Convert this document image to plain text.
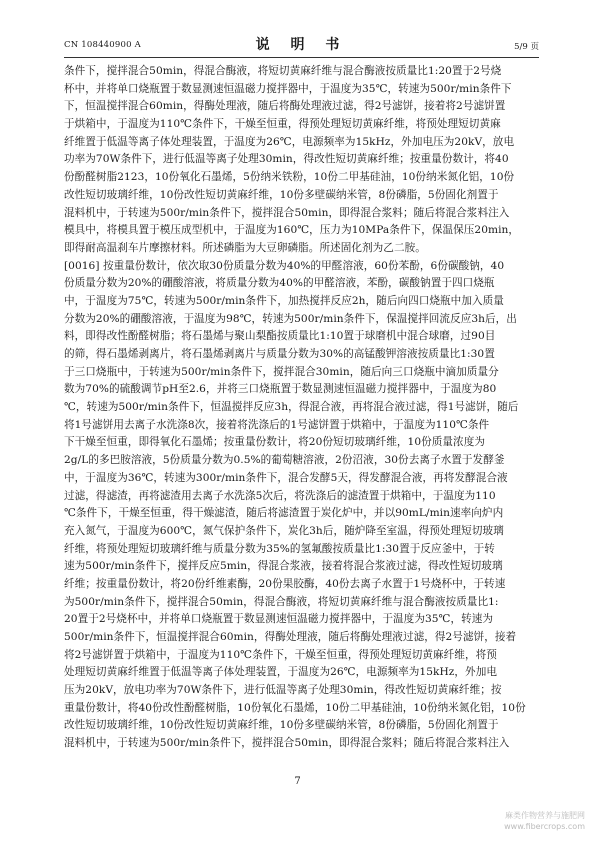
CN 108440900 A	说 明 书	5/9 页
条件下，搅拌混合50min，得混合酶液，将短切黄麻纤维与混合酶液按质量比1:20置于2号烧
杯中，并将单口烧瓶置于数显测速恒温磁力搅拌器中，于温度为35℃，转速为500r/min条件下
下，恒温搅拌混合60min，得酶处理液，随后将酶处理液过滤，得2号滤饼，接着将2号滤饼置
于烘箱中，于温度为110℃条件下，干燥至恒重，得预处理短切黄麻纤维，将预处理短切黄麻
纤维置于低温等离子体处理装置，于温度为26℃，电源频率为15kHz，外加电压为20kV，放电
功率为70W条件下，进行低温等离子处理30min，得改性短切黄麻纤维；按重量份数计，将40
份酚醛树脂2123，10份氧化石墨烯，5份纳米铁粉，10份二甲基硅油，10份纳米氮化铝，10份
改性短切玻璃纤维，10份改性短切黄麻纤维，10份多壁碳纳米管，8份磷脂，5份固化剂置于
混料机中，于转速为500r/min条件下，搅拌混合50min，即得混合浆料；随后将混合浆料注入
模具中，将模具置于模压成型机中，于温度为160℃，压力为10MPa条件下，保温保压20min，
即得耐高温刹车片摩擦材料。所述磷脂为大豆卵磷脂。所述固化剂为乙二胺。
[0016] 按重量份数计，依次取30份质量分数为40%的甲醛溶液，60份苯酚，6份碳酸钠，40
份质量分数为20%的硼酸溶液，将质量分数为40%的甲醛溶液，苯酚，碳酸钠置于四口烧瓶
中，于温度为75℃，转速为500r/min条件下，加热搅拌反应2h，随后向四口烧瓶中加入质量
分数为20%的硼酸溶液，于温度为98℃，转速为500r/min条件下，保温搅拌回流反应3h后，出
料，即得改性酚醛树脂；将石墨烯与聚山梨酯按质量比1:10置于球磨机中混合球磨，过90目
的筛，得石墨烯剥离片，将石墨烯剥离片与质量分数为30%的高锰酸钾溶液按质量比1:30置
于三口烧瓶中，于转速为500r/min条件下，搅拌混合30min，随后向三口烧瓶中滴加质量分
数为70%的硫酸调节pH至2.6，并将三口烧瓶置于数显测速恒温磁力搅拌器中，于温度为80
℃，转速为500r/min条件下，恒温搅拌反应3h，得混合液，再将混合液过滤，得1号滤饼，随后
将1号滤饼用去离子水洗涤8次，接着将洗涤后的1号滤饼置于烘箱中，于温度为110℃条件
下干燥至恒重，即得氧化石墨烯；按重量份数计，将20份短切玻璃纤维，10份质量浓度为
2g/L的多巴胺溶液，5份质量分数为0.5%的葡萄糖溶液，2份沼液，30份去离子水置于发酵釜
中，于温度为36℃，转速为300r/min条件下，混合发酵5天，得发酵混合液，再将发酵混合液
过滤，得滤渣，再将滤渣用去离子水洗涤5次后，将洗涤后的滤渣置于烘箱中，于温度为110
℃条件下，干燥至恒重，得干燥滤渣，随后将滤渣置于炭化炉中，并以90mL/min速率向炉内
充入氮气，于温度为600℃，氮气保护条件下，炭化3h后，随炉降至室温，得预处理短切玻璃
纤维，将预处理短切玻璃纤维与质量分数为35%的氢氟酸按质量比1:30置于反应釜中，于转
速为500r/min条件下，搅拌反应5min，得混合浆液，接着将混合浆液过滤，得改性短切玻璃
纤维；按重量份数计，将20份纤维素酶，20份果胶酶，40份去离子水置于1号烧杯中，于转速
为500r/min条件下，搅拌混合50min，得混合酶液，将短切黄麻纤维与混合酶液按质量比1:
20置于2号烧杯中，并将单口烧瓶置于数显测速恒温磁力搅拌器中，于温度为35℃，转速为
500r/min条件下，恒温搅拌混合60min，得酶处理液，随后将酶处理液过滤，得2号滤饼，接着
将2号滤饼置于烘箱中，于温度为110℃条件下，干燥至恒重，得预处理短切黄麻纤维，将预
处理短切黄麻纤维置于低温等离子体处理装置，于温度为26℃，电源频率为15kHz，外加电
压为20kV，放电功率为70W条件下，进行低温等离子处理30min，得改性短切黄麻纤维；按
重量份数计，将40份改性酚醛树脂，10份氧化石墨烯，10份二甲基硅油，10份纳米氮化铝，10份
改性短切玻璃纤维，10份改性短切黄麻纤维，10份多壁碳纳米管，8份磷脂，5份固化剂置于
混料机中，于转速为500r/min条件下，搅拌混合50min，即得混合浆料；随后将混合浆料注入
7
麻类作物营养与施肥网
www.fibercrops.com
